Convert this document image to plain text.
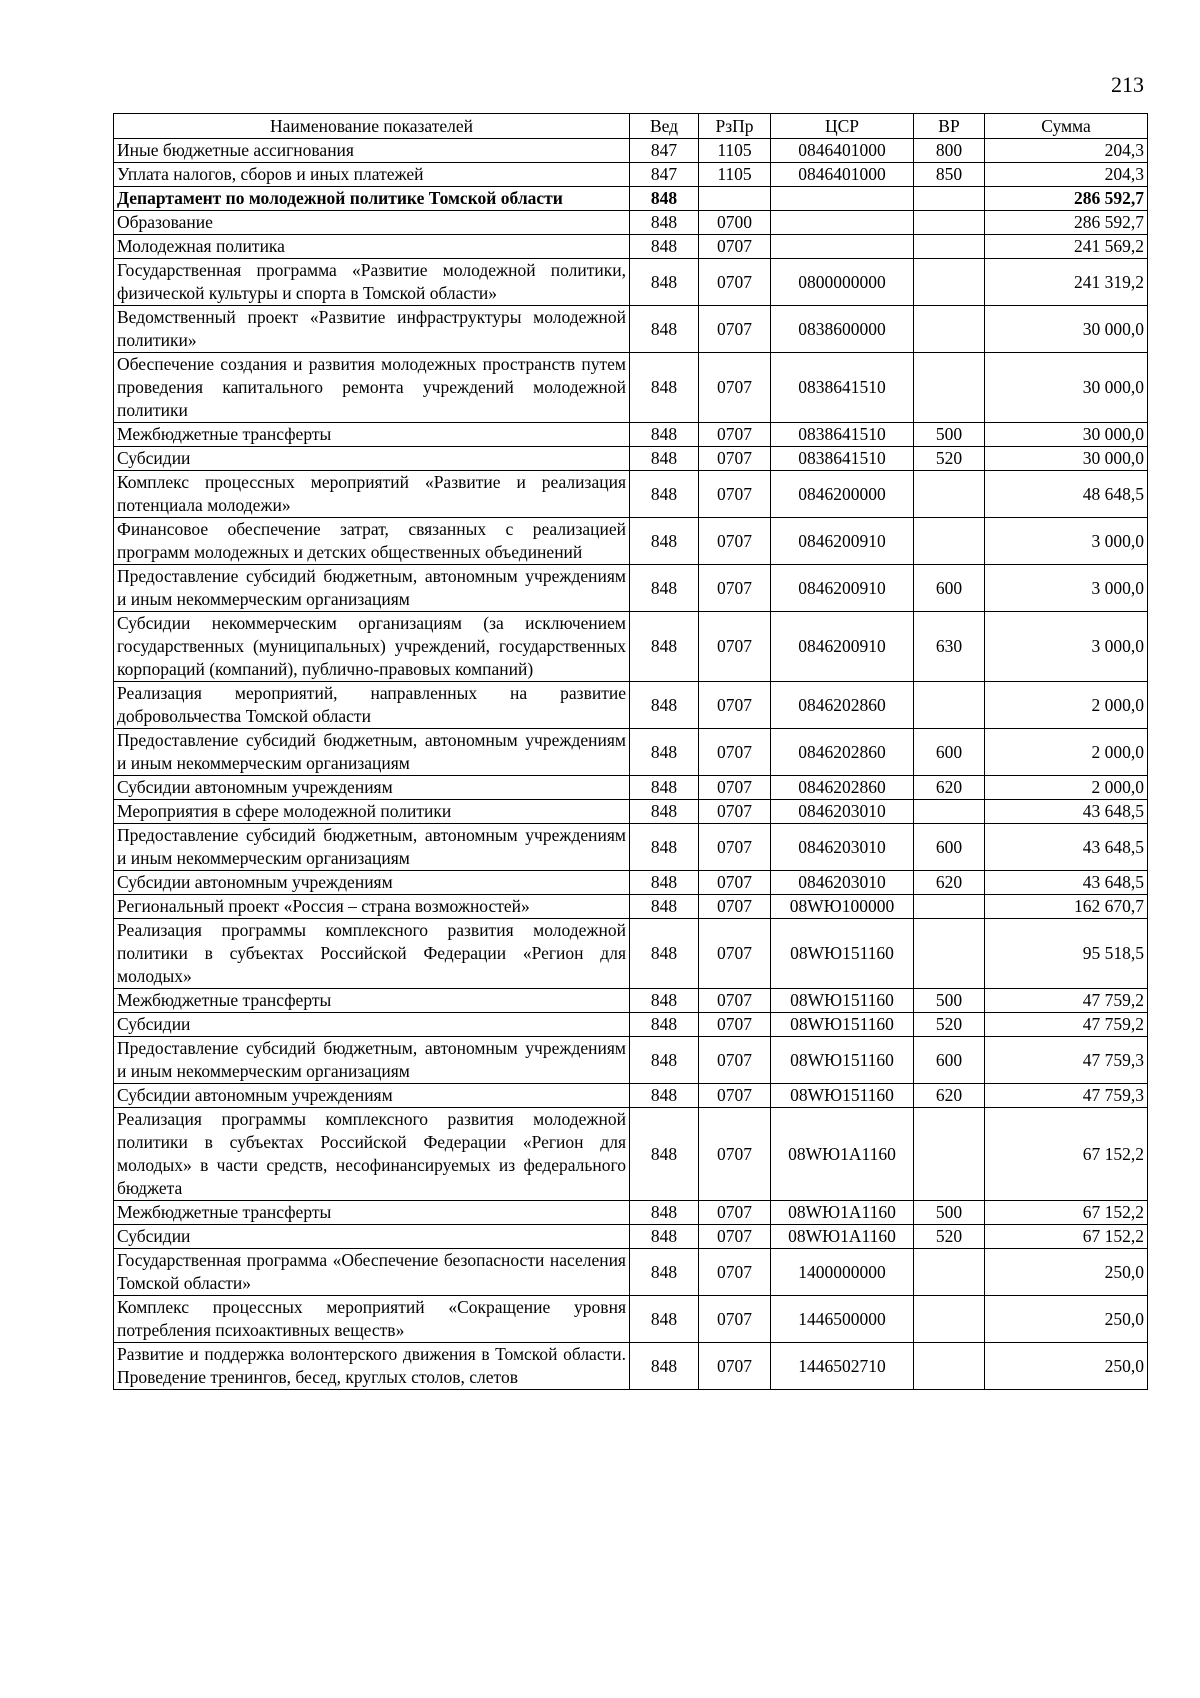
213
Наименование показателей	Вед	РзПр	ЦСР	ВР	Сумма
Иные бюджетные ассигнования	847	1105	0846401000	800	204,3
Уплата налогов, сборов и иных платежей	847	1105	0846401000	850	204,3
Департамент по молодежной политике Томской области	848				286 592,7
Образование	848	0700			286 592,7
Молодежная политика	848	0707			241 569,2
Государственная программа «Развитие молодежной политики, физической культуры и спорта в Томской области»	848	0707	0800000000		241 319,2
Ведомственный проект «Развитие инфраструктуры молодежной политики»	848	0707	0838600000		30 000,0
Обеспечение создания и развития молодежных пространств путем проведения капитального ремонта учреждений молодежной политики	848	0707	0838641510		30 000,0
Межбюджетные трансферты	848	0707	0838641510	500	30 000,0
Субсидии	848	0707	0838641510	520	30 000,0
Комплекс процессных мероприятий «Развитие и реализация потенциала молодежи»	848	0707	0846200000		48 648,5
Финансовое обеспечение затрат, связанных с реализацией программ молодежных и детских общественных объединений	848	0707	0846200910		3 000,0
Предоставление субсидий бюджетным, автономным учреждениям и иным некоммерческим организациям	848	0707	0846200910	600	3 000,0
Субсидии некоммерческим организациям (за исключением государственных (муниципальных) учреждений, государственных корпораций (компаний), публично-правовых компаний)	848	0707	0846200910	630	3 000,0
Реализация мероприятий, направленных на развитие добровольчества Томской области	848	0707	0846202860		2 000,0
Предоставление субсидий бюджетным, автономным учреждениям и иным некоммерческим организациям	848	0707	0846202860	600	2 000,0
Субсидии автономным учреждениям	848	0707	0846202860	620	2 000,0
Мероприятия в сфере молодежной политики	848	0707	0846203010		43 648,5
Предоставление субсидий бюджетным, автономным учреждениям и иным некоммерческим организациям	848	0707	0846203010	600	43 648,5
Субсидии автономным учреждениям	848	0707	0846203010	620	43 648,5
Региональный проект «Россия – страна возможностей»	848	0707	08WЮ100000		162 670,7
Реализация программы комплексного развития молодежной политики в субъектах Российской Федерации «Регион для молодых»	848	0707	08WЮ151160		95 518,5
Межбюджетные трансферты	848	0707	08WЮ151160	500	47 759,2
Субсидии	848	0707	08WЮ151160	520	47 759,2
Предоставление субсидий бюджетным, автономным учреждениям и иным некоммерческим организациям	848	0707	08WЮ151160	600	47 759,3
Субсидии автономным учреждениям	848	0707	08WЮ151160	620	47 759,3
Реализация программы комплексного развития молодежной политики в субъектах Российской Федерации «Регион для молодых» в части средств, несофинансируемых из федерального бюджета	848	0707	08WЮ1А1160		67 152,2
Межбюджетные трансферты	848	0707	08WЮ1А1160	500	67 152,2
Субсидии	848	0707	08WЮ1А1160	520	67 152,2
Государственная программа «Обеспечение безопасности населения Томской области»	848	0707	1400000000		250,0
Комплекс процессных мероприятий «Сокращение уровня потребления психоактивных веществ»	848	0707	1446500000		250,0
Развитие и поддержка волонтерского движения в Томской области. Проведение тренингов, бесед, круглых столов, слетов	848	0707	1446502710		250,0
